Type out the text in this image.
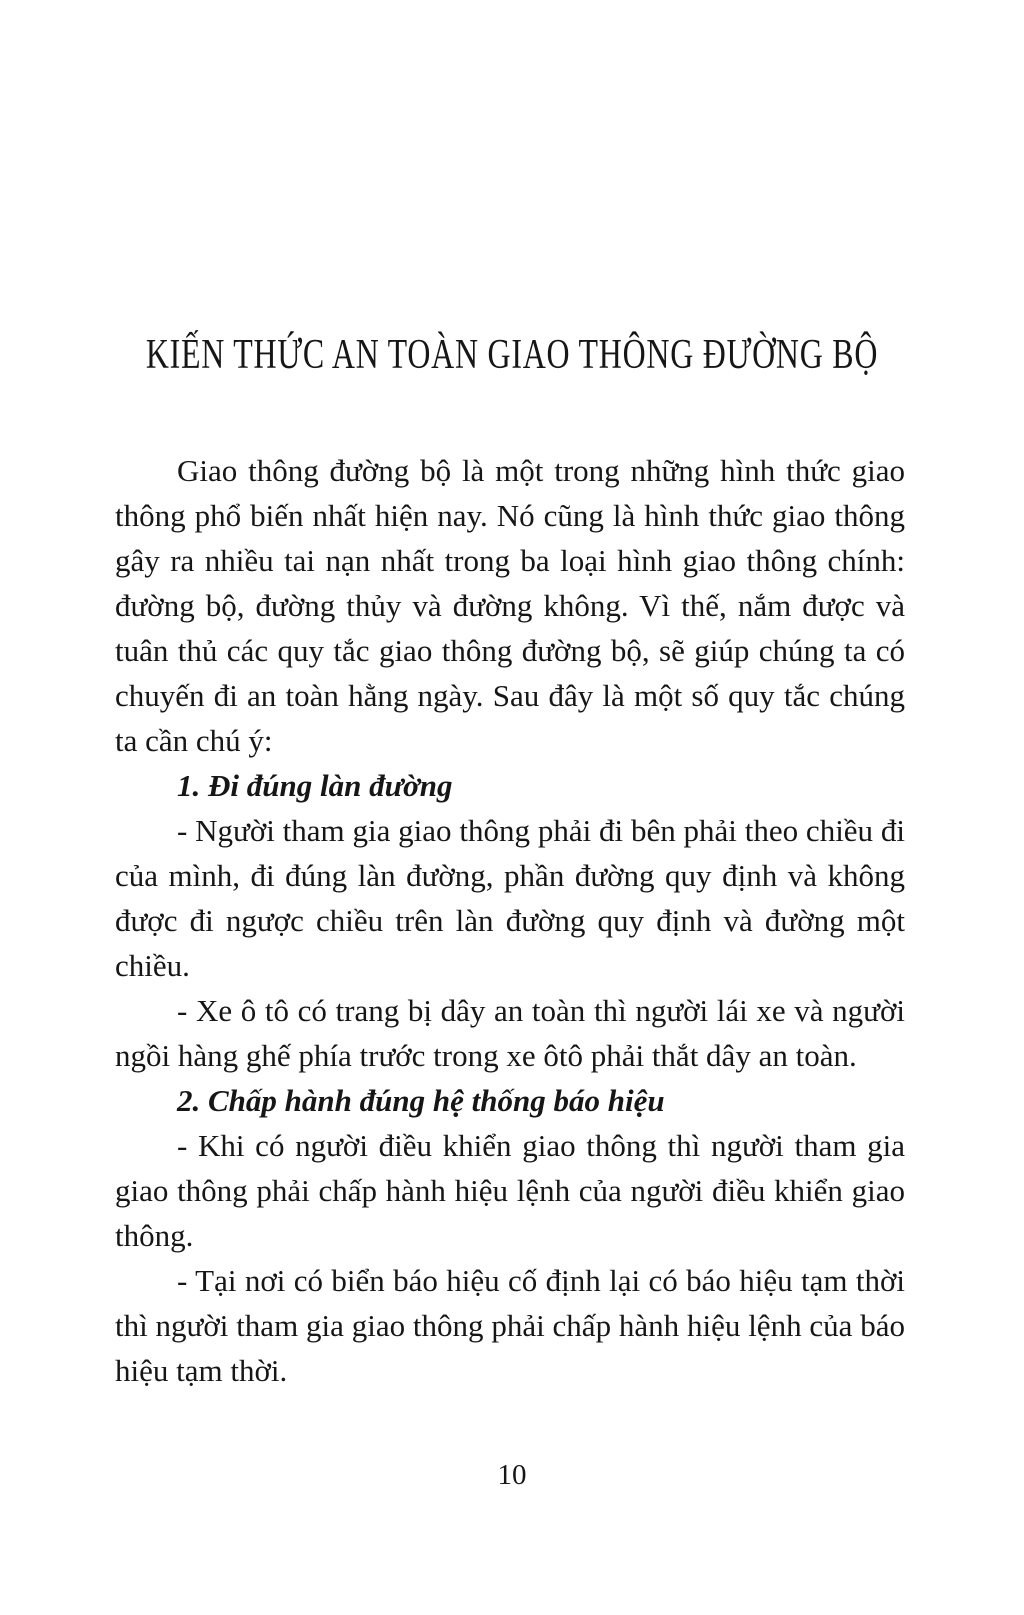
KIẾN THỨC AN TOÀN GIAO THÔNG ĐƯỜNG BỘ

Giao thông đường bộ là một trong những hình thức giao thông phổ biến nhất hiện nay. Nó cũng là hình thức giao thông gây ra nhiều tai nạn nhất trong ba loại hình giao thông chính: đường bộ, đường thủy và đường không. Vì thế, nắm được và tuân thủ các quy tắc giao thông đường bộ, sẽ giúp chúng ta có chuyến đi an toàn hằng ngày. Sau đây là một số quy tắc chúng ta cần chú ý:

1. Đi đúng làn đường

- Người tham gia giao thông phải đi bên phải theo chiều đi của mình, đi đúng làn đường, phần đường quy định và không được đi ngược chiều trên làn đường quy định và đường một chiều.

- Xe ô tô có trang bị dây an toàn thì người lái xe và người ngồi hàng ghế phía trước trong xe ôtô phải thắt dây an toàn.

2. Chấp hành đúng hệ thống báo hiệu

- Khi có người điều khiển giao thông thì người tham gia giao thông phải chấp hành hiệu lệnh của người điều khiển giao thông.

- Tại nơi có biển báo hiệu cố định lại có báo hiệu tạm thời thì người tham gia giao thông phải chấp hành hiệu lệnh của báo hiệu tạm thời.

10
